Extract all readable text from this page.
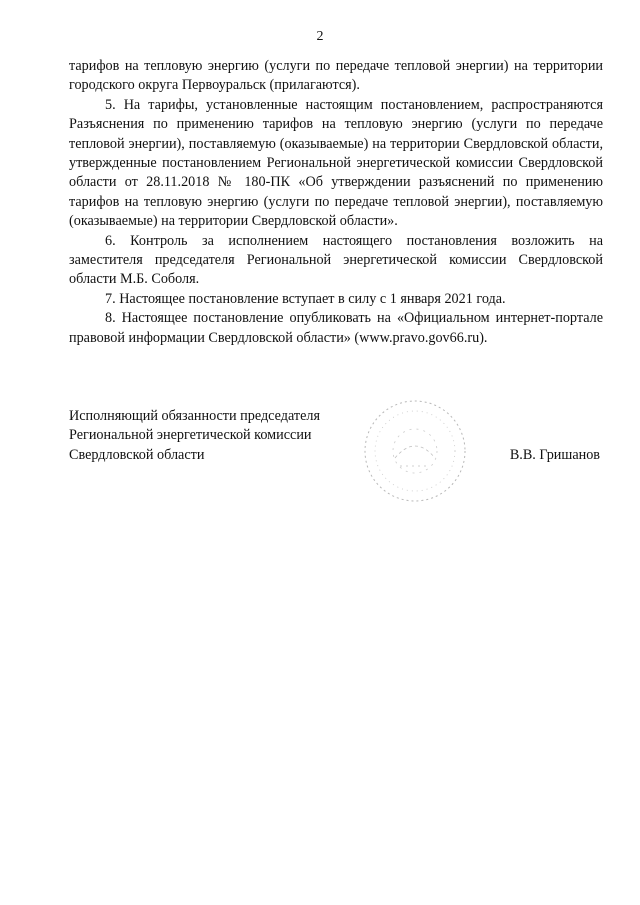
2

тарифов на тепловую энергию (услуги по передаче тепловой энергии) на территории городского округа Первоуральск (прилагаются).

5. На тарифы, установленные настоящим постановлением, распространяются Разъяснения по применению тарифов на тепловую энергию (услуги по передаче тепловой энергии), поставляемую (оказываемые) на территории Свердловской области, утвержденные постановлением Региональной энергетической комиссии Свердловской области от 28.11.2018 № 180-ПК «Об утверждении разъяснений по применению тарифов на тепловую энергию (услуги по передаче тепловой энергии), поставляемую (оказываемые) на территории Свердловской области».

6. Контроль за исполнением настоящего постановления возложить на заместителя председателя Региональной энергетической комиссии Свердловской области М.Б. Соболя.

7. Настоящее постановление вступает в силу с 1 января 2021 года.

8. Настоящее постановление опубликовать на «Официальном интернет-портале правовой информации Свердловской области» (www.pravo.gov66.ru).

Исполняющий обязанности председателя
Региональной энергетической комиссии
Свердловской области	В.В. Гришанов
